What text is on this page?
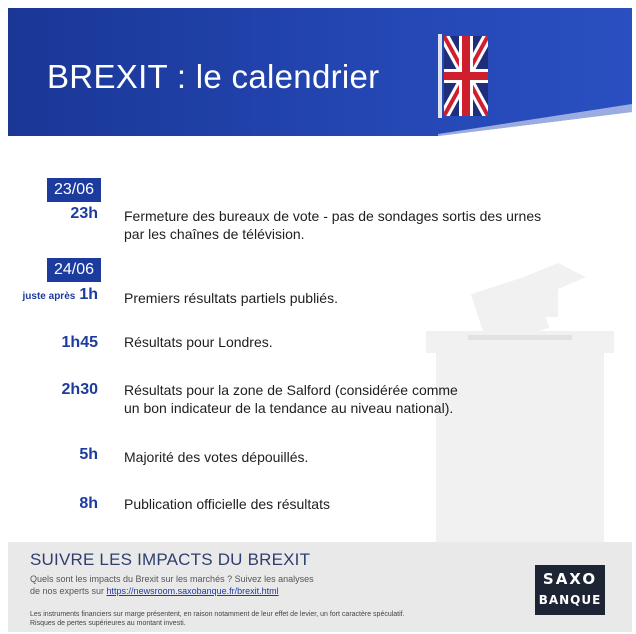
BREXIT : le calendrier
23/06
23h Fermeture des bureaux de vote - pas de sondages sortis des urnes
par les chaînes de télévision.
24/06
juste après 1h Premiers résultats partiels publiés.
1h45 Résultats pour Londres.
2h30 Résultats pour la zone de Salford (considérée comme
un bon indicateur de la tendance au niveau national).
5h Majorité des votes dépouillés.
8h Publication officielle des résultats
SUIVRE LES IMPACTS DU BREXIT
Quels sont les impacts du Brexit sur les marchés ? Suivez les analyses
de nos experts sur https://newsroom.saxobanque.fr/brexit.html
Les instruments financiers sur marge présentent, en raison notamment de leur effet de levier, un fort caractère spéculatif.
Risques de pertes supérieures au montant investi.
SAXO
BANQUE
